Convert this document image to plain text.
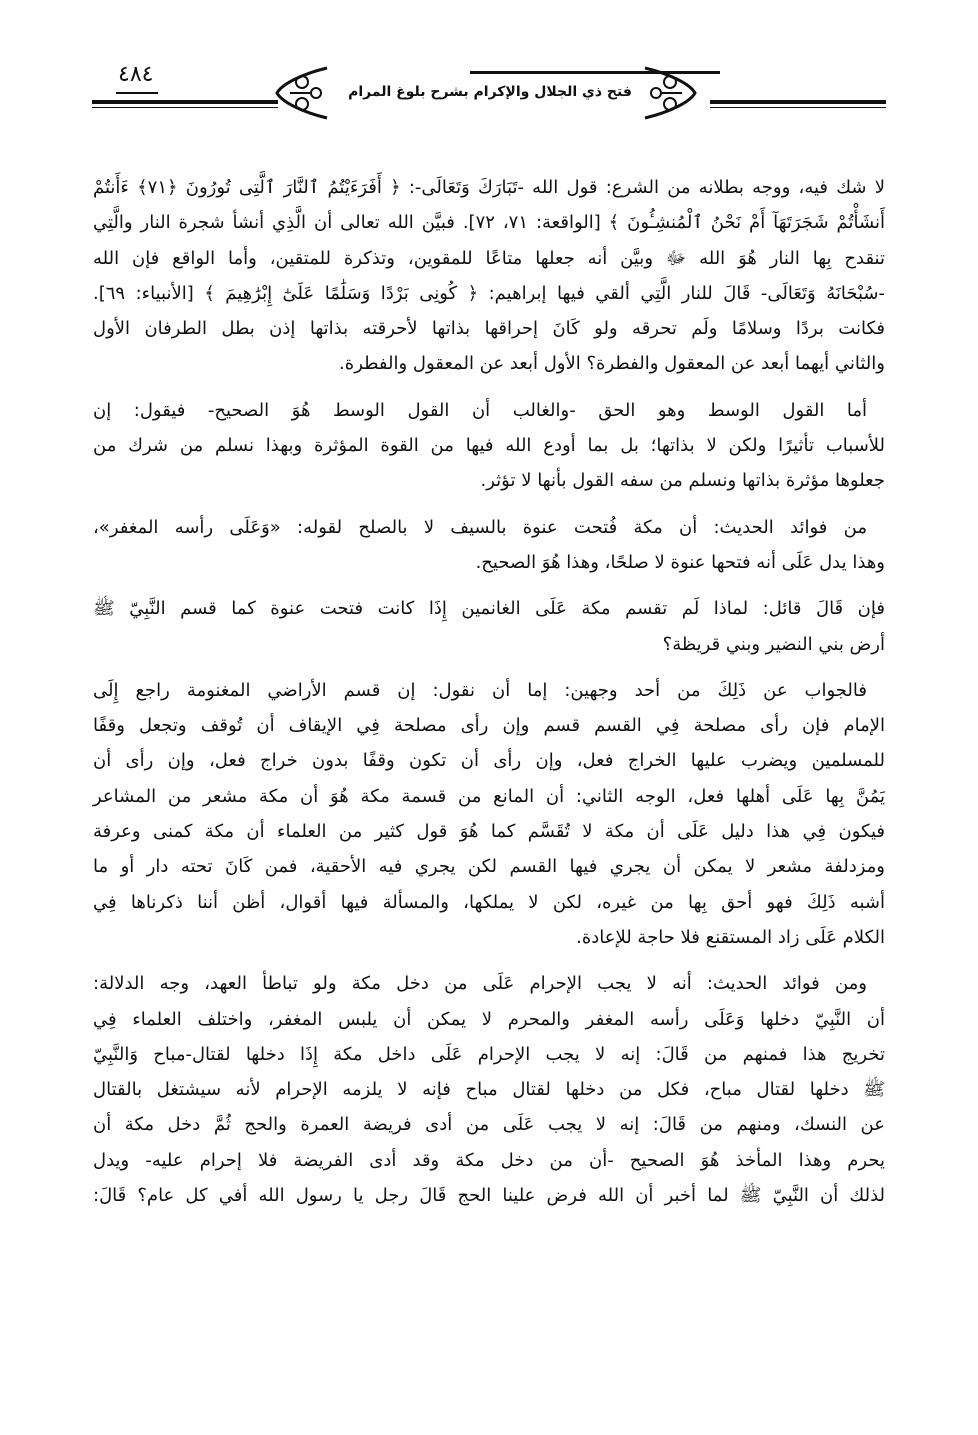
٤٨٤
فتح ذي الجلال والإكرام بشرح بلوغ المرام
لا شك فيه، ووجه بطلانه من الشرع: قول الله -تَبَارَكَ وَتَعَالَى-: ﴿ أَفَرَءَيْتُمُ ٱلنَّارَ ٱلَّتِى تُورُونَ ﴿٧١﴾ ءَأَنتُمْ
أَنشَأْتُمْ شَجَرَتَهَآ أَمْ نَحْنُ ٱلْمُنشِـُٔونَ ﴾ [الواقعة: ٧١، ٧٢]. فبيَّن الله تعالى أن الَّذِي أنشأ شجرة النار والَّتِي
تنقدح بِها النار هُوَ الله ﷻ وبيَّن أنه جعلها متاعًا للمقوين، وتذكرة للمتقين، وأما الواقع فإن الله
-سُبْحَانَهُ وَتَعَالَى- قَالَ للنار الَّتِي ألقي فيها إبراهيم: ﴿ كُونِى بَرْدًا وَسَلَٰمًا عَلَىٰٓ إِبْرَٰهِيمَ ﴾ [الأنبياء: ٦٩].
فكانت بردًا وسلامًا ولَم تحرقه ولو كَانَ إحراقها بذاتها لأحرقته بذاتها إذن بطل الطرفان الأول
والثاني أيهما أبعد عن المعقول والفطرة؟ الأول أبعد عن المعقول والفطرة.
أما القول الوسط وهو الحق -والغالب أن القول الوسط هُوَ الصحيح- فيقول: إن
للأسباب تأثيرًا ولكن لا بذاتها؛ بل بما أودع الله فيها من القوة المؤثرة وبهذا نسلم من شرك من
جعلوها مؤثرة بذاتها ونسلم من سفه القول بأنها لا تؤثر.
من فوائد الحديث: أن مكة فُتحت عنوة بالسيف لا بالصلح لقوله: «وَعَلَى رأسه المغفر»،
وهذا يدل عَلَى أنه فتحها عنوة لا صلحًا، وهذا هُوَ الصحيح.
فإن قَالَ قائل: لماذا لَم تقسم مكة عَلَى الغانمين إِذَا كانت فتحت عنوة كما قسم النَّبِيّ ﷺ
أرض بني النضير وبني قريظة؟
فالجواب عن ذَلِكَ من أحد وجهين: إما أن نقول: إن قسم الأراضي المغنومة راجع إِلَى
الإمام فإن رأى مصلحة فِي القسم قسم وإن رأى مصلحة فِي الإيقاف أن تُوقف وتجعل وقفًا
للمسلمين ويضرب عليها الخراج فعل، وإن رأى أن تكون وقفًا بدون خراج فعل، وإن رأى أن
يَمُنَّ بِها عَلَى أهلها فعل، الوجه الثاني: أن المانع من قسمة مكة هُوَ أن مكة مشعر من المشاعر
فيكون فِي هذا دليل عَلَى أن مكة لا تُقَسَّم كما هُوَ قول كثير من العلماء أن مكة كمنى وعرفة
ومزدلفة مشعر لا يمكن أن يجري فيها القسم لكن يجري فيه الأحقية، فمن كَانَ تحته دار أو ما
أشبه ذَلِكَ فهو أحق بِها من غيره، لكن لا يملكها، والمسألة فيها أقوال، أظن أننا ذكرناها فِي
الكلام عَلَى زاد المستقنع فلا حاجة للإعادة.
ومن فوائد الحديث: أنه لا يجب الإحرام عَلَى من دخل مكة ولو تباطأ العهد، وجه الدلالة:
أن النَّبِيّ دخلها وَعَلَى رأسه المغفر والمحرم لا يمكن أن يلبس المغفر، واختلف العلماء فِي
تخريج هذا فمنهم من قَالَ: إنه لا يجب الإحرام عَلَى داخل مكة إِذَا دخلها لقتال-مباح وَالنَّبِيّ
ﷺ دخلها لقتال مباح، فكل من دخلها لقتال مباح فإنه لا يلزمه الإحرام لأنه سيشتغل بالقتال
عن النسك، ومنهم من قَالَ: إنه لا يجب عَلَى من أدى فريضة العمرة والحج ثُمَّ دخل مكة أن
يحرم وهذا المأخذ هُوَ الصحيح -أن من دخل مكة وقد أدى الفريضة فلا إحرام عليه- ويدل
لذلك أن النَّبِيّ ﷺ لما أخبر أن الله فرض علينا الحج قَالَ رجل يا رسول الله أفي كل عام؟ قَالَ:
